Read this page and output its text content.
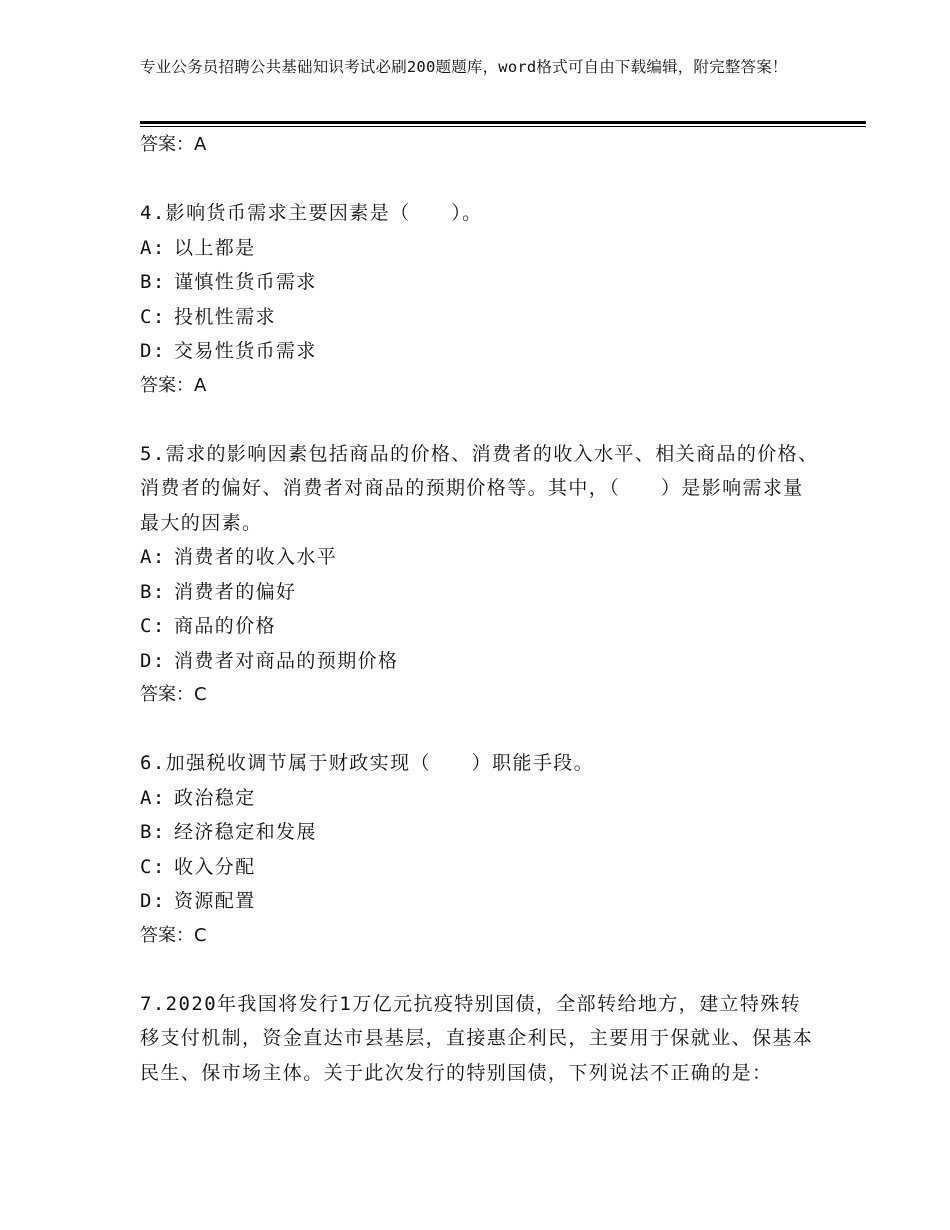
专业公务员招聘公共基础知识考试必刷200题题库，word格式可自由下载编辑，附完整答案！
答案：A

4.影响货币需求主要因素是（　　）。

A: 以上都是
B: 谨慎性货币需求
C: 投机性需求
D: 交易性货币需求
答案：A

5.需求的影响因素包括商品的价格、消费者的收入水平、相关商品的价格、消费者的偏好、消费者对商品的预期价格等。其中，（　　）是影响需求量最大的因素。

A: 消费者的收入水平
B: 消费者的偏好
C: 商品的价格
D: 消费者对商品的预期价格
答案：C

6.加强税收调节属于财政实现（　　）职能手段。

A: 政治稳定
B: 经济稳定和发展
C: 收入分配
D: 资源配置
答案：C

7.2020年我国将发行1万亿元抗疫特别国债，全部转给地方，建立特殊转移支付机制，资金直达市县基层，直接惠企利民，主要用于保就业、保基本民生、保市场主体。关于此次发行的特别国债，下列说法不正确的是：
